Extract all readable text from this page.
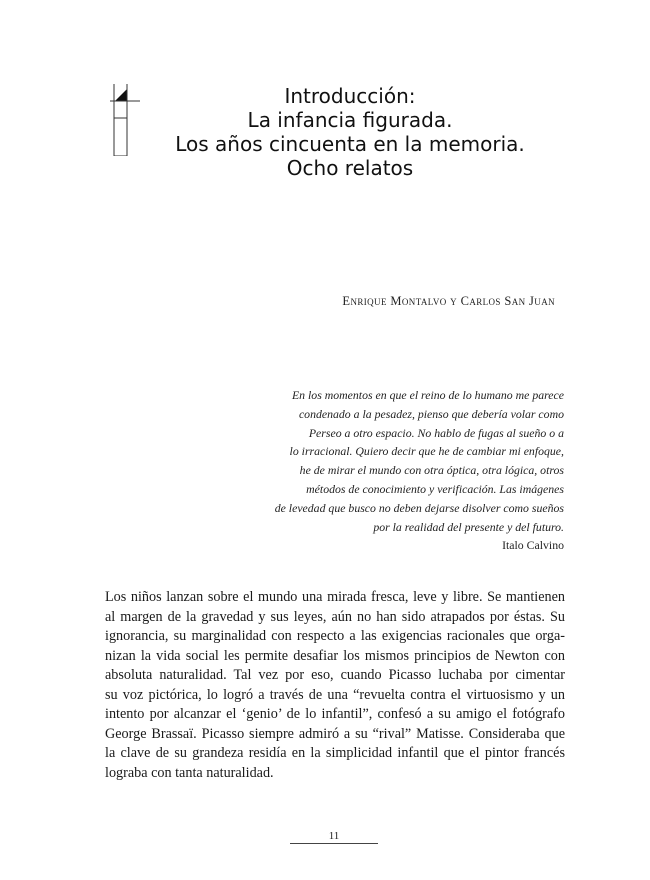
Introducción:
La infancia figurada.
Los años cincuenta en la memoria.
Ocho relatos

Enrique Montalvo y Carlos San Juan

En los momentos en que el reino de lo humano me parece
condenado a la pesadez, pienso que debería volar como
Perseo a otro espacio. No hablo de fugas al sueño o a
lo irracional. Quiero decir que he de cambiar mi enfoque,
he de mirar el mundo con otra óptica, otra lógica, otros
métodos de conocimiento y verificación. Las imágenes
de levedad que busco no deben dejarse disolver como sueños
por la realidad del presente y del futuro.
Italo Calvino
Los niños lanzan sobre el mundo una mirada fresca, leve y libre. Se mantienen
al margen de la gravedad y sus leyes, aún no han sido atrapados por éstas. Su
ignorancia, su marginalidad con respecto a las exigencias racionales que orga-
nizan la vida social les permite desafiar los mismos principios de Newton con
absoluta naturalidad. Tal vez por eso, cuando Picasso luchaba por cimentar
su voz pictórica, lo logró a través de una “revuelta contra el virtuosismo y un
intento por alcanzar el ‘genio’ de lo infantil”, confesó a su amigo el fotógrafo
George Brassaï. Picasso siempre admiró a su “rival” Matisse. Consideraba que
la clave de su grandeza residía en la simplicidad infantil que el pintor francés
lograba con tanta naturalidad.
11
